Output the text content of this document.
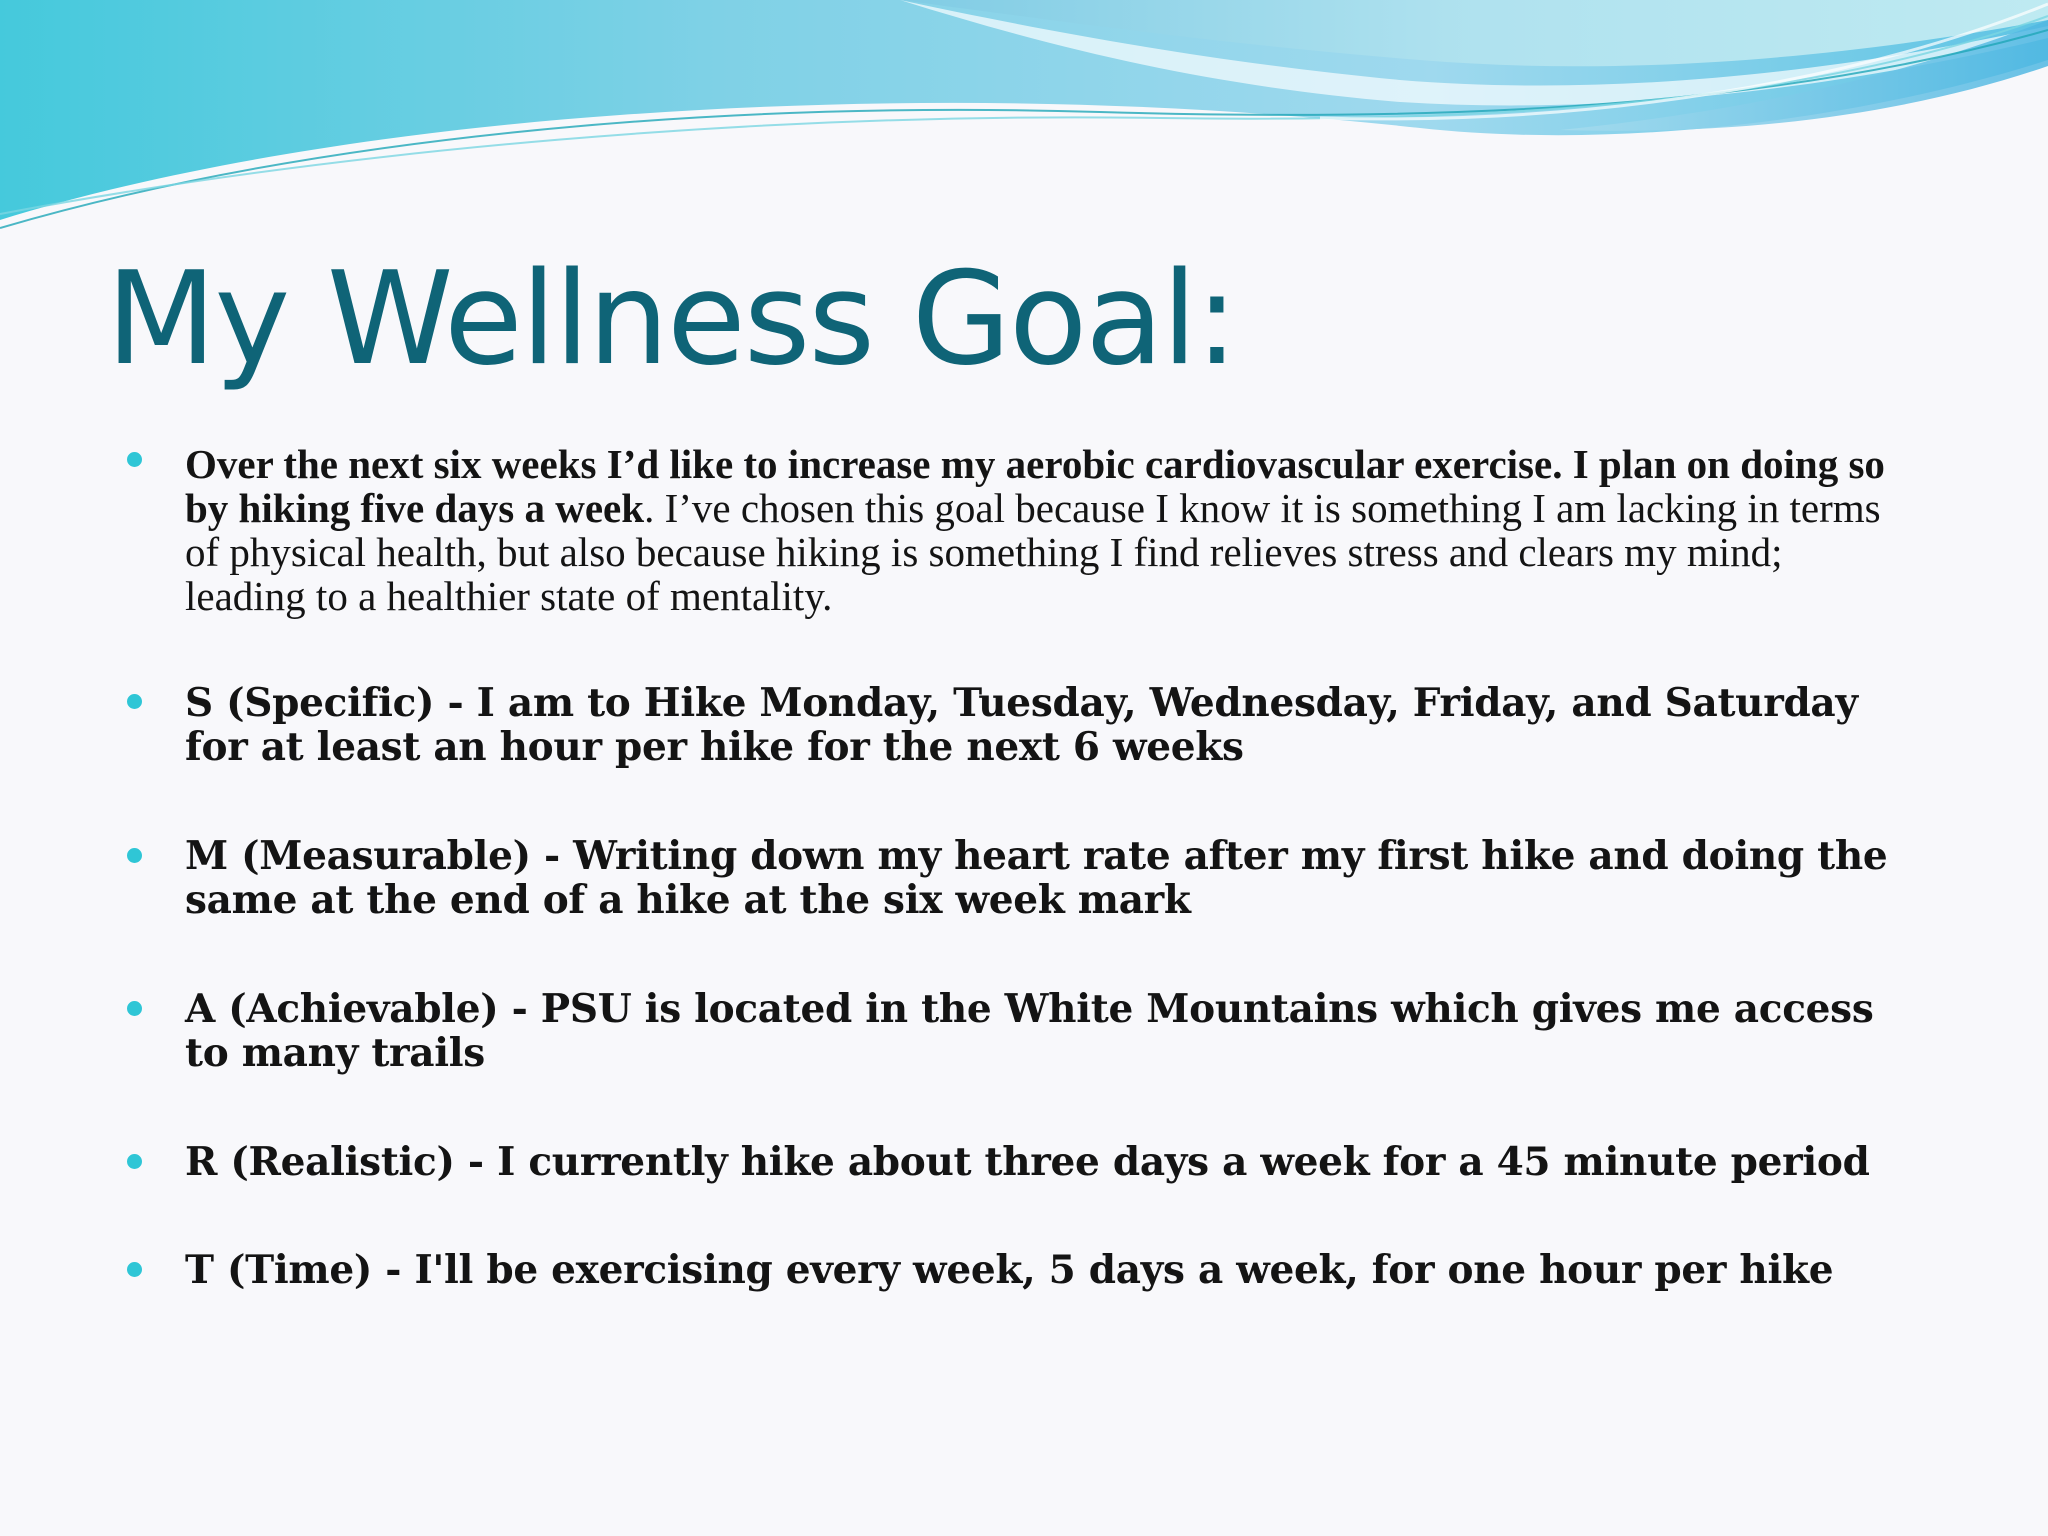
My Wellness Goal:
Over the next six weeks I’d like to increase my aerobic cardiovascular exercise. I plan on doing so by hiking five days a week. I’ve chosen this goal because I know it is something I am lacking in terms of physical health, but also because hiking is something I find relieves stress and clears my mind; leading to a healthier state of mentality.
S (Specific) - I am to Hike Monday, Tuesday, Wednesday, Friday, and Saturday for at least an hour per hike for the next 6 weeks
M (Measurable) - Writing down my heart rate after my first hike and doing the same at the end of a hike at the six week mark
A (Achievable) - PSU is located in the White Mountains which gives me access to many trails
R (Realistic) - I currently hike about three days a week for a 45 minute period
T (Time) - I'll be exercising every week, 5 days a week, for one hour per hike
